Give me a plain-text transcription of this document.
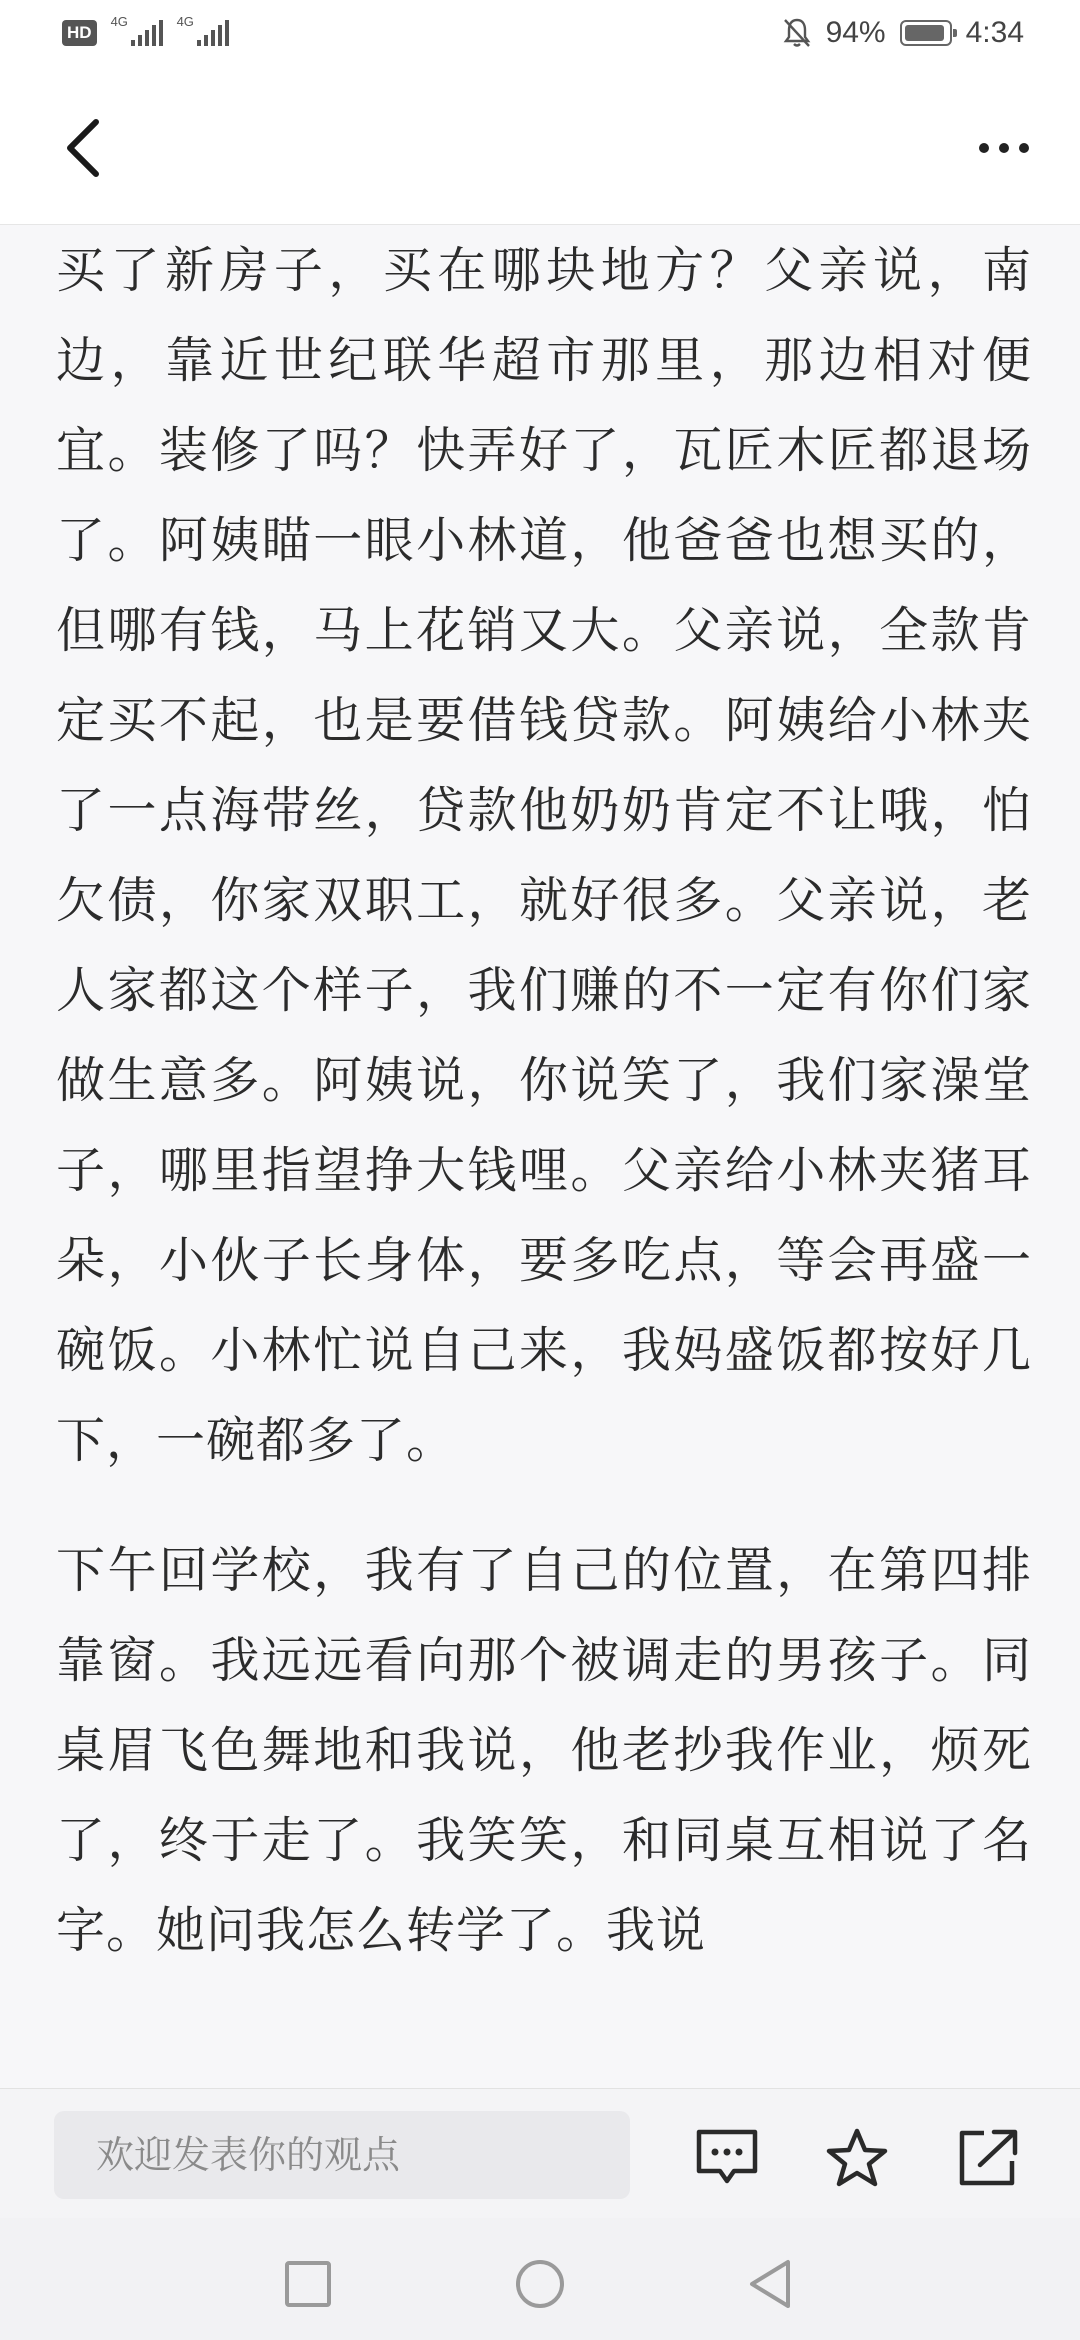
HD
4G	4G	94%	4:34

买了新房子，买在哪块地方？父亲说，南边，靠近世纪联华超市那里，那边相对便宜。装修了吗？快弄好了，瓦匠木匠都退场了。阿姨瞄一眼小林道，他爸爸也想买的，但哪有钱，马上花销又大。父亲说，全款肯定买不起，也是要借钱贷款。阿姨给小林夹了一点海带丝，贷款他奶奶肯定不让哦，怕欠债，你家双职工，就好很多。父亲说，老人家都这个样子，我们赚的不一定有你们家做生意多。阿姨说，你说笑了，我们家澡堂子，哪里指望挣大钱哩。父亲给小林夹猪耳朵，小伙子长身体，要多吃点，等会再盛一碗饭。小林忙说自己来，我妈盛饭都按好几下，一碗都多了。

下午回学校，我有了自己的位置，在第四排靠窗。我远远看向那个被调走的男孩子。同桌眉飞色舞地和我说，他老抄我作业，烦死了，终于走了。我笑笑，和同桌互相说了名字。她问我怎么转学了。我说

欢迎发表你的观点
